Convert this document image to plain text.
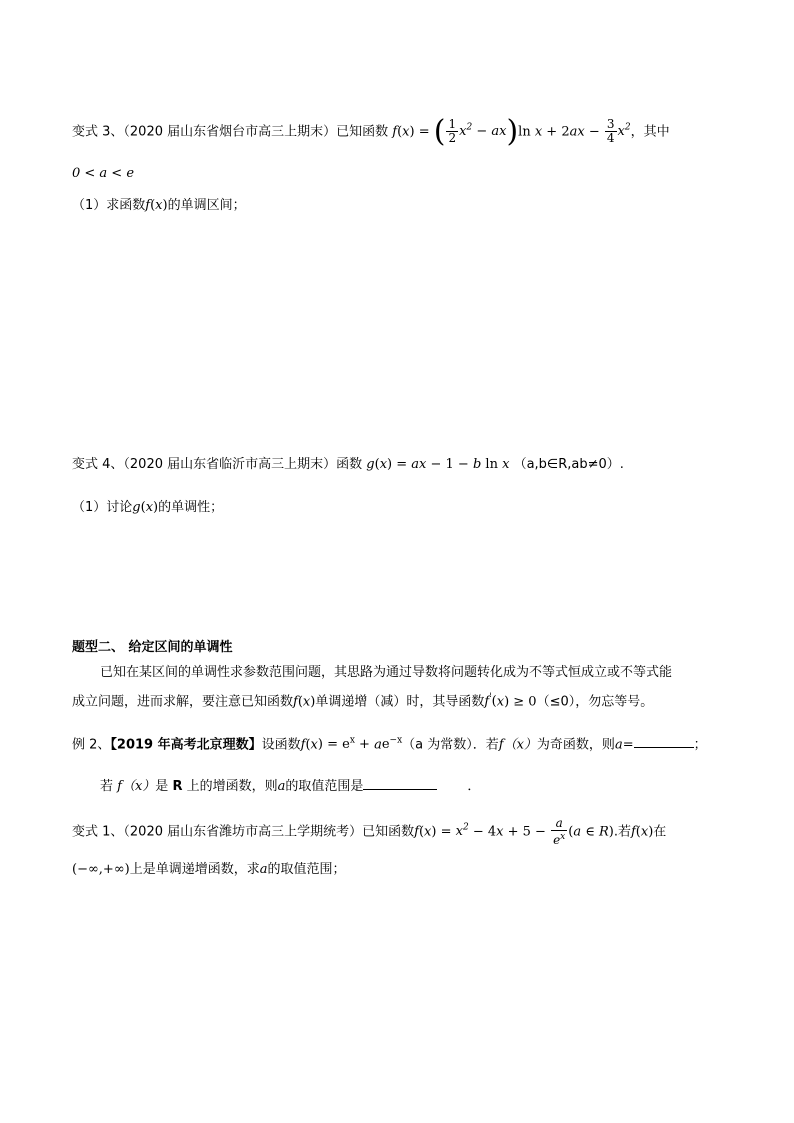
变式 3、（2020 届山东省烟台市高三上期末）已知函数 f(x) = ( $\frac{1}{2} x^2 - ax)\ln$ $x + 2ax - \frac{3}{4} x^2$，其中
0 < a < e
（1）求函数f(x)的单调区间；
变式 4、（2020 届山东省临沂市高三上期末）函数 g(x) = ax − 1 − b ln x （a,b∈R,ab≠0）.
（1）讨论g(x)的单调性；
题型二、 给定区间的单调性
已知在某区间的单调性求参数范围问题，其思路为通过导数将问题转化成为不等式恒成立或不等式能
成立问题，进而求解，要注意已知函数f(x)单调递增（减）时，其导函数f'(x) ≥ 0（≤0），勿忘等号。
例 2、【2019 年高考北京理数】设函数$f(x) = e^x + ae^{-x}(a$ 为常数）．若f（x）为奇函数，则a=	；
若 f（x）是 R 上的增函数，则a的取值范围是	．
变式 1、（2020 届山东省潍坊市高三上学期统考）已知函数$f(x) = x^2 - 4x + 5 - \frac{a}{e^x} (a$ ∈ R).若f(x)在
(−∞,+∞)上是单调递增函数，求a的取值范围；
